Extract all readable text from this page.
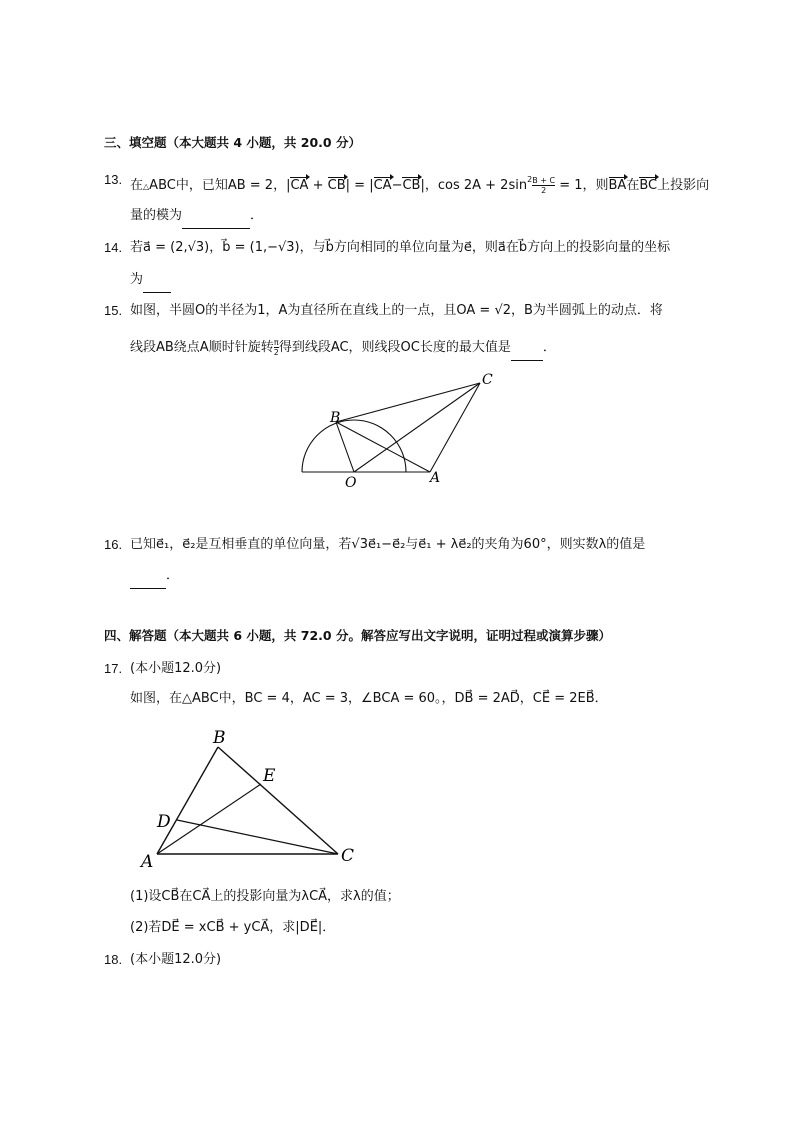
三、填空题（本大题共 4 小题，共 20.0 分）
13. 在△ABC中，已知AB = 2，|CA + CB| = |CA−CB|，$\cos 2A + 2\sin^2 \frac{B + C}{2} = 1$，则BA在BC上投影向
量的模为	．
14. 若a⃗ = (2,√3)，b⃗ = (1,−√3)，与b⃗方向相同的单位向量为e⃗，则a⃗在b⃗方向上的投影向量的坐标
为
15. 如图，半圆O的半径为1，A为直径所在直线上的一点，且OA = √2，B为半圆弧上的动点．将
线段AB绕点A顺时针旋转 $\frac{\pi}{2}$ 得到线段AC，则线段OC长度的最大值是 ．
B
C
O	A
16. 已知e⃗₁，e⃗₂是互相垂直的单位向量，若√3e⃗₁−e⃗₂与e⃗₁ + λe⃗₂的夹角为60°，则实数λ的值是
．
四、解答题（本大题共 6 小题，共 72.0 分。解答应写出文字说明，证明过程或演算步骤）
17. (本小题12.0分)
如图，在△ABC中，BC = 4，AC = 3，∠BCA = 60。，DB⃗ = 2AD⃗，CE⃗ = 2EB⃗．
B
E
D
A	C
(1)设CB⃗在CA⃗上的投影向量为λCA⃗，求λ的值；
(2)若DE⃗ = xCB⃗ + yCA⃗，求|DE⃗|．
18. (本小题12.0分)
